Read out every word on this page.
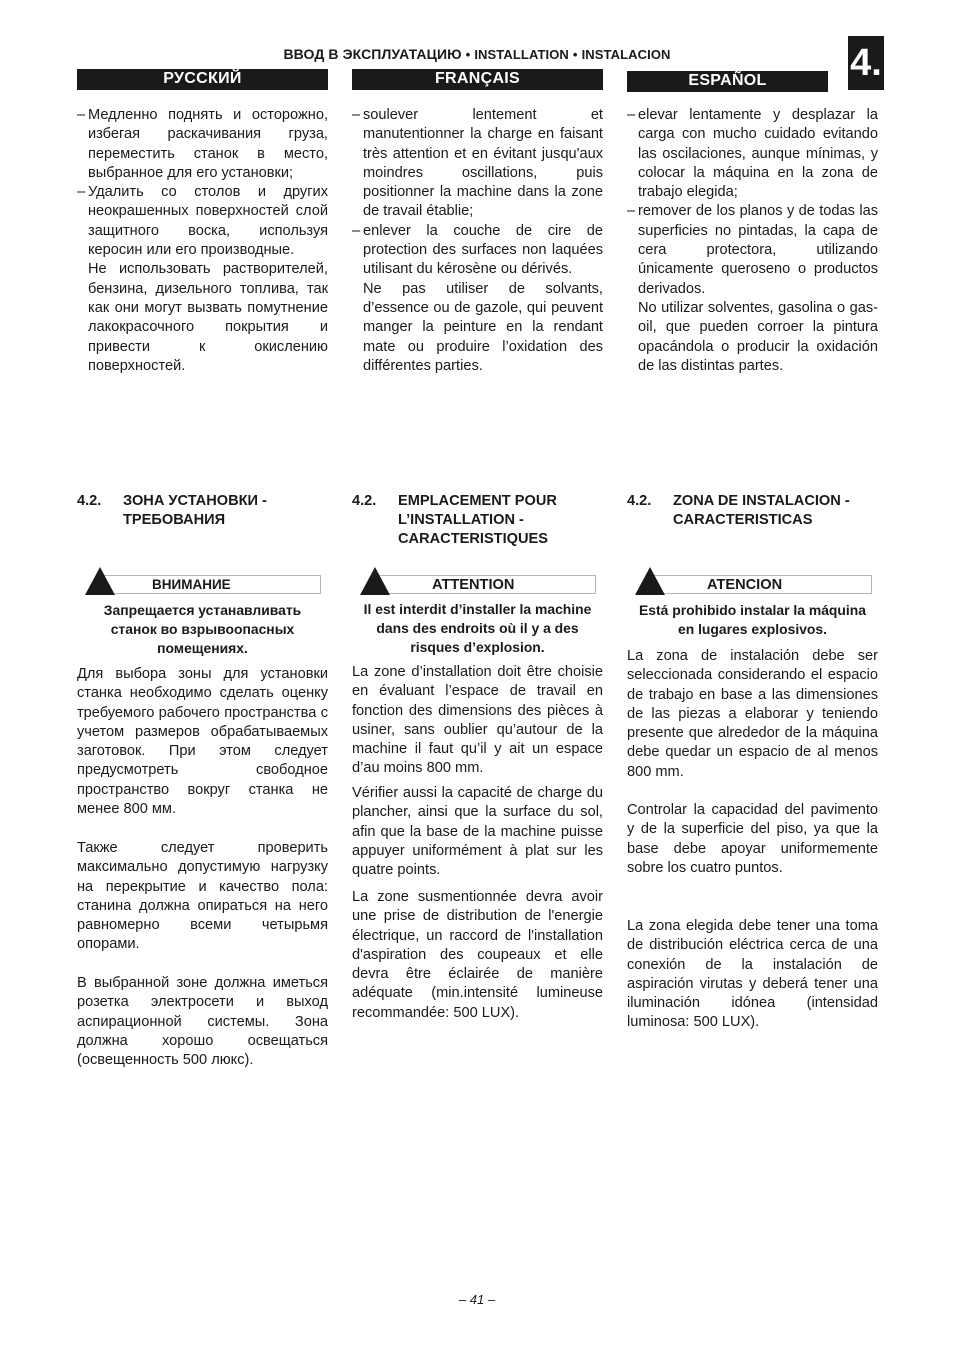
ВВОД В ЭКСПЛУАТАЦИЮ • INSTALLATION • INSTALACION	4.
РУССКИЙ	FRANÇAIS	ESPAÑOL
– Медленно поднять и осторожно, избегая раскачивания груза, переместить станок в место, выбранное для его установки;
– Удалить со столов и других неокрашенных поверхностей слой защитного воска, используя керосин или его производные.
Не использовать растворителей, бензина, дизельного топлива, так как они могут вызвать помутнение лакокрасочного покрытия и привести к окислению поверхностей.
– soulever lentement et manutentionner la charge en faisant très attention et en évitant jusqu'aux moindres oscillations, puis positionner la machine dans la zone de travail établie;
– enlever la couche de cire de protection des surfaces non laquées utilisant du kérosène ou dérivés.
Ne pas utiliser de solvants, d’essence ou de gazole, qui peuvent manger la peinture en la rendant mate ou produire l’oxidation des différentes parties.
– elevar lentamente y desplazar la carga con mucho cuidado evitando las oscilaciones, aunque mínimas, y colocar la máquina en la zona de trabajo elegida;
– remover de los planos y de todas las superficies no pintadas, la capa de cera protectora, utilizando únicamente queroseno o productos derivados.
No utilizar solventes, gasolina o gas-oil, que pueden corroer la pintura opacándola o producir la oxidación de las distintas partes.
4.2. ЗОНА УСТАНОВКИ - ТРЕБОВАНИЯ
4.2. EMPLACEMENT POUR L’INSTALLATION - CARACTERISTIQUES
4.2. ZONA DE INSTALACION - CARACTERISTICAS
ВНИМАНИЕ	ATTENTION	ATENCION
Запрещается устанавливать станок во взрывоопасных помещениях.
Il est interdit d’installer la machine dans des endroits où il y a des risques d’explosion.
Está prohibido instalar la máquina en lugares explosivos.
Для выбора зоны для установки станка необходимо сделать оценку требуемого рабочего пространства с учетом размеров обрабатываемых заготовок. При этом следует предусмотреть свободное пространство вокруг станка не менее 800 мм.
Также следует проверить максимально допустимую нагрузку на перекрытие и качество пола: станина должна опираться на него равномерно всеми четырьмя опорами.
В выбранной зоне должна иметься розетка электросети и выход аспирационной системы. Зона должна хорошо освещаться (освещенность 500 люкс).
La zone d’installation doit être choisie en évaluant l’espace de travail en fonction des dimensions des pièces à usiner, sans oublier qu’autour de la machine il faut qu’il y ait un espace d’au moins 800 mm.
Vérifier aussi la capacité de charge du plancher, ainsi que la surface du sol, afin que la base de la machine puisse appuyer uniformément à plat sur les quatre points.
La zone susmentionnée devra avoir une prise de distribution de l'energie électrique, un raccord de l'installation d'aspiration des coupeaux et elle devra être éclairée de manière adéquate (min.intensité lumineuse recommandée: 500 LUX).
La zona de instalación debe ser seleccionada considerando el espacio de trabajo en base a las dimensiones de las piezas a elaborar y teniendo presente que alrededor de la máquina debe quedar un espacio de al menos 800 mm.
Controlar la capacidad del pavimento y de la superficie del piso, ya que la base debe apoyar uniformemente sobre los cuatro puntos.
La zona elegida debe tener una toma de distribución eléctrica cerca de una conexión de la instalación de aspiración virutas y deberá tener una iluminación idónea (intensidad luminosa: 500 LUX).
– 41 –
